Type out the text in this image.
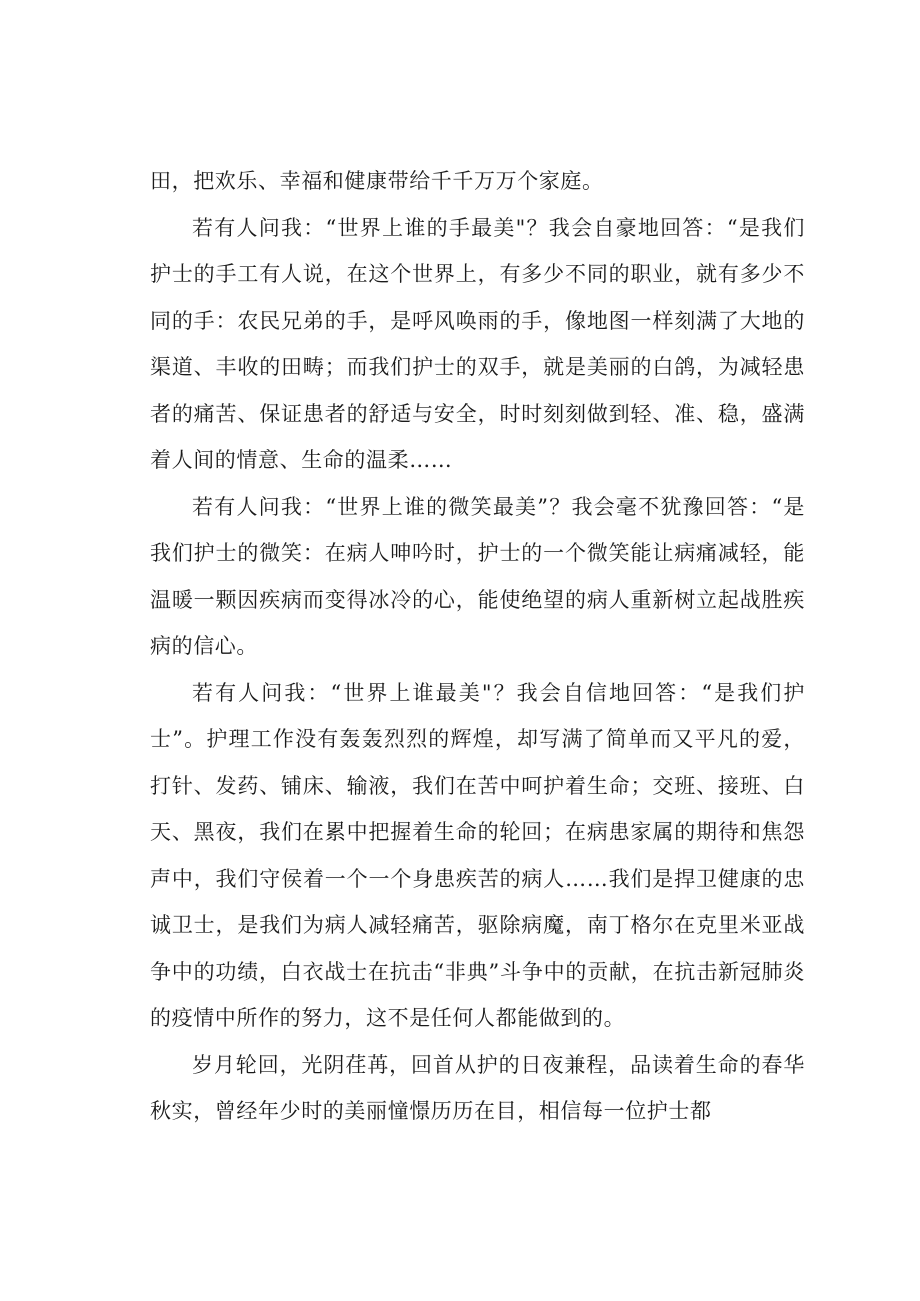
田，把欢乐、幸福和健康带给千千万万个家庭。

若有人问我：“世界上谁的手最美"？我会自豪地回答：“是我们护士的手工有人说，在这个世界上，有多少不同的职业，就有多少不同的手：农民兄弟的手，是呼风唤雨的手，像地图一样刻满了大地的渠道、丰收的田畴；而我们护士的双手，就是美丽的白鸽，为减轻患者的痛苦、保证患者的舒适与安全，时时刻刻做到轻、准、稳，盛满着人间的情意、生命的温柔……

若有人问我：“世界上谁的微笑最美”？我会毫不犹豫回答：“是我们护士的微笑：在病人呻吟时，护士的一个微笑能让病痛减轻，能温暖一颗因疾病而变得冰冷的心，能使绝望的病人重新树立起战胜疾病的信心。

若有人问我：“世界上谁最美"？我会自信地回答：“是我们护士”。护理工作没有轰轰烈烈的辉煌，却写满了简单而又平凡的爱，打针、发药、铺床、输液，我们在苦中呵护着生命；交班、接班、白天、黑夜，我们在累中把握着生命的轮回；在病患家属的期待和焦怨声中，我们守侯着一个一个身患疾苦的病人……我们是捍卫健康的忠诚卫士，是我们为病人减轻痛苦，驱除病魔，南丁格尔在克里米亚战争中的功绩，白衣战士在抗击“非典”斗争中的贡献，在抗击新冠肺炎的疫情中所作的努力，这不是任何人都能做到的。

岁月轮回，光阴荏苒，回首从护的日夜兼程，品读着生命的春华秋实，曾经年少时的美丽憧憬历历在目，相信每一位护士都
